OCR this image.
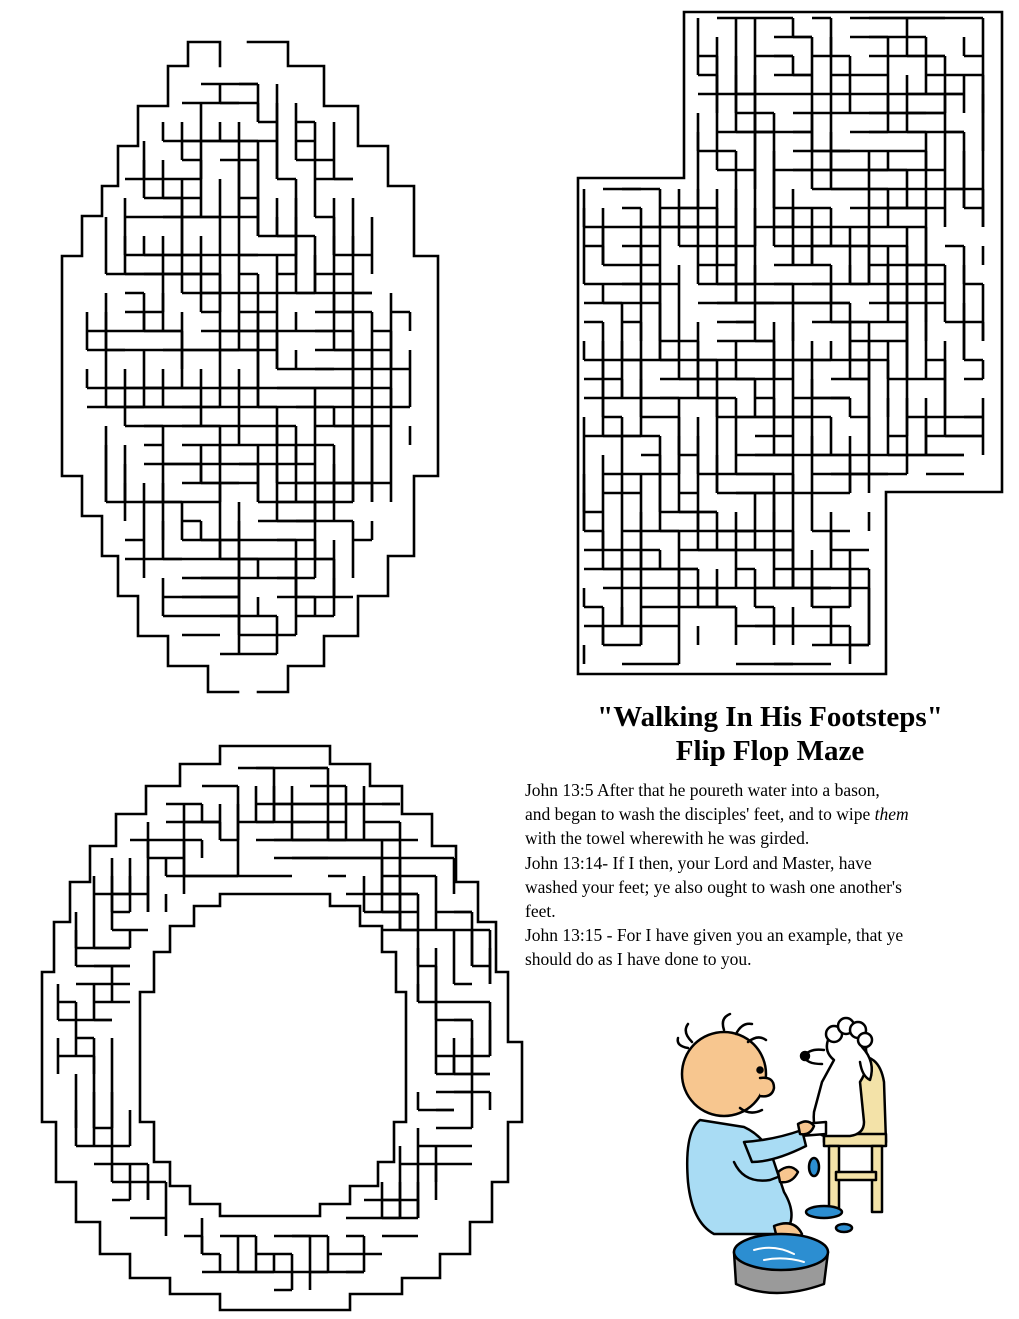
"Walking In His Footsteps"
Flip Flop Maze
John 13:5 After that he poureth water into a bason,
and began to wash the disciples' feet, and to wipe them
with the towel wherewith he was girded.
John 13:14- If I then, your Lord and Master, have
washed your feet; ye also ought to wash one another's
feet.
John 13:15 - For I have given you an example, that ye
should do as I have done to you.
